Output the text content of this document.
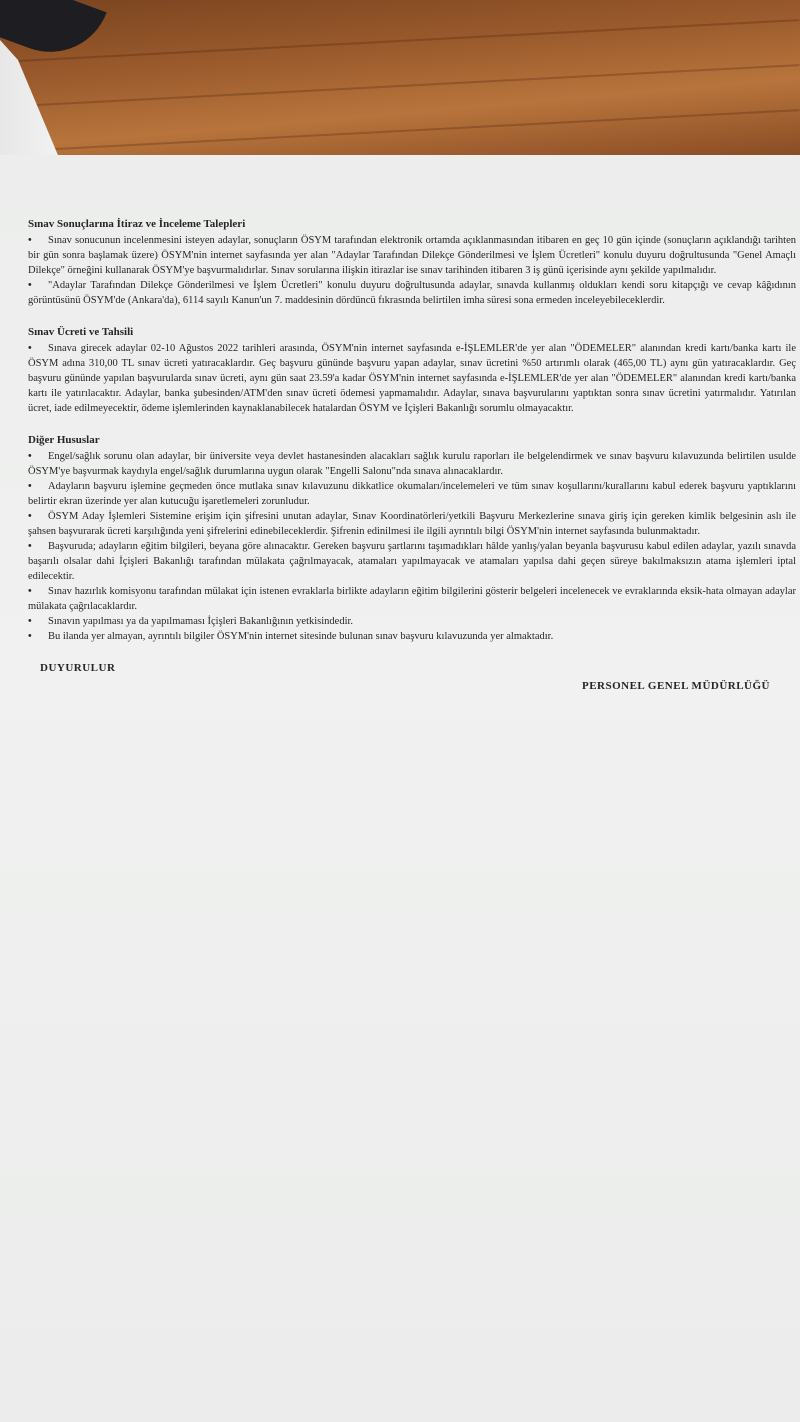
Sınav Sonuçlarına İtiraz ve İnceleme Talepleri

• Sınav sonucunun incelenmesini isteyen adaylar, sonuçların ÖSYM tarafından elektronik ortamda açıklanmasından itibaren en geç 10 gün içinde (sonuçların açıklandığı tarihten bir gün sonra başlamak üzere) ÖSYM'nin internet sayfasında yer alan "Adaylar Tarafından Dilekçe Gönderilmesi ve İşlem Ücretleri" konulu duyuru doğrultusunda "Genel Amaçlı Dilekçe" örneğini kullanarak ÖSYM'ye başvurmalıdırlar. Sınav sorularına ilişkin itirazlar ise sınav tarihinden itibaren 3 iş günü içerisinde aynı şekilde yapılmalıdır.

• "Adaylar Tarafından Dilekçe Gönderilmesi ve İşlem Ücretleri" konulu duyuru doğrultusunda adaylar, sınavda kullanmış oldukları kendi soru kitapçığı ve cevap kâğıdının görüntüsünü ÖSYM'de (Ankara'da), 6114 sayılı Kanun'un 7. maddesinin dördüncü fıkrasında belirtilen imha süresi sona ermeden inceleyebileceklerdir.

Sınav Ücreti ve Tahsili

• Sınava girecek adaylar 02-10 Ağustos 2022 tarihleri arasında, ÖSYM'nin internet sayfasında e-İŞLEMLER'de yer alan "ÖDEMELER" alanından kredi kartı/banka kartı ile ÖSYM adına 310,00 TL sınav ücreti yatıracaklardır. Geç başvuru gününde başvuru yapan adaylar, sınav ücretini %50 artırımlı olarak (465,00 TL) aynı gün yatıracaklardır. Geç başvuru gününde yapılan başvurularda sınav ücreti, aynı gün saat 23.59'a kadar ÖSYM'nin internet sayfasında e-İŞLEMLER'de yer alan "ÖDEMELER" alanından kredi kartı/banka kartı ile yatırılacaktır. Adaylar, banka şubesinden/ATM'den sınav ücreti ödemesi yapmamalıdır. Adaylar, sınava başvurularını yaptıktan sonra sınav ücretini yatırmalıdır. Yatırılan ücret, iade edilmeyecektir, ödeme işlemlerinden kaynaklanabilecek hatalardan ÖSYM ve İçişleri Bakanlığı sorumlu olmayacaktır.

Diğer Hususlar

• Engel/sağlık sorunu olan adaylar, bir üniversite veya devlet hastanesinden alacakları sağlık kurulu raporları ile belgelendirmek ve sınav başvuru kılavuzunda belirtilen usulde ÖSYM'ye başvurmak kaydıyla engel/sağlık durumlarına uygun olarak "Engelli Salonu"nda sınava alınacaklardır.

• Adayların başvuru işlemine geçmeden önce mutlaka sınav kılavuzunu dikkatlice okumaları/incelemeleri ve tüm sınav koşullarını/kurallarını kabul ederek başvuru yaptıklarını belirtir ekran üzerinde yer alan kutucuğu işaretlemeleri zorunludur.

• ÖSYM Aday İşlemleri Sistemine erişim için şifresini unutan adaylar, Sınav Koordinatörleri/yetkili Başvuru Merkezlerine sınava giriş için gereken kimlik belgesinin aslı ile şahsen başvurarak ücreti karşılığında yeni şifrelerini edinebileceklerdir. Şifrenin edinilmesi ile ilgili ayrıntılı bilgi ÖSYM'nin internet sayfasında bulunmaktadır.

• Başvuruda; adayların eğitim bilgileri, beyana göre alınacaktır. Gereken başvuru şartlarını taşımadıkları hâlde yanlış/yalan beyanla başvurusu kabul edilen adaylar, yazılı sınavda başarılı olsalar dahi İçişleri Bakanlığı tarafından mülakata çağrılmayacak, atamaları yapılmayacak ve atamaları yapılsa dahi geçen süreye bakılmaksızın atama işlemleri iptal edilecektir.

• Sınav hazırlık komisyonu tarafından mülakat için istenen evraklarla birlikte adayların eğitim bilgilerini gösterir belgeleri incelenecek ve evraklarında eksik-hata olmayan adaylar mülakata çağrılacaklardır.

• Sınavın yapılması ya da yapılmaması İçişleri Bakanlığının yetkisindedir.

• Bu ilanda yer almayan, ayrıntılı bilgiler ÖSYM'nin internet sitesinde bulunan sınav başvuru kılavuzunda yer almaktadır.

DUYURULUR
PERSONEL GENEL MÜDÜRLÜĞÜ
